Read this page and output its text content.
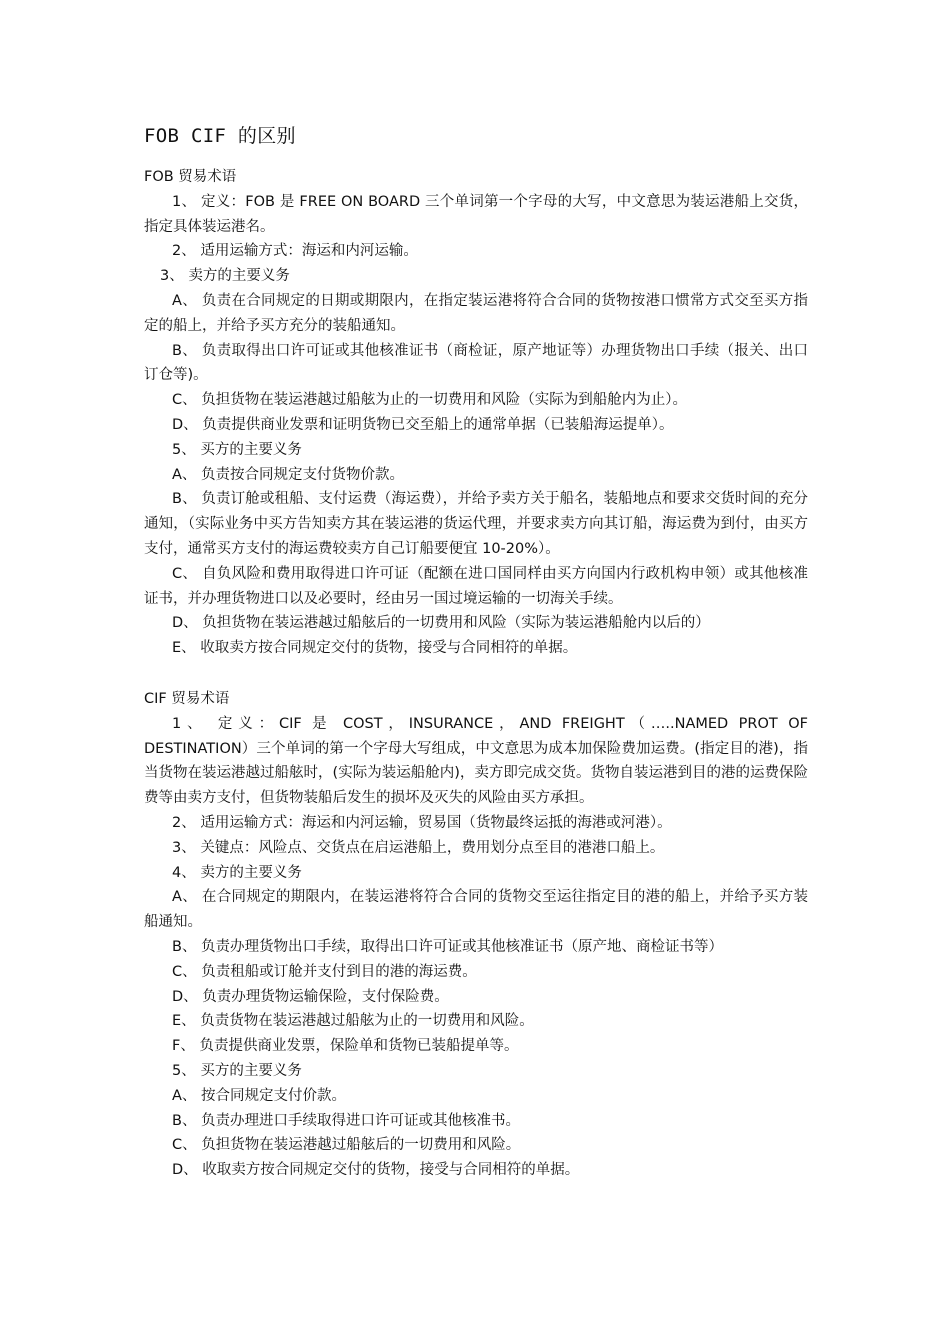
FOB CIF 的区别

FOB 贸易术语

1、 定义：FOB 是 FREE ON BOARD 三个单词第一个字母的大写，中文意思为装运港船上交货，指定具体装运港名。

2、 适用运输方式：海运和内河运输。

3、 卖方的主要义务

A、 负责在合同规定的日期或期限内，在指定装运港将符合合同的货物按港口惯常方式交至买方指定的船上，并给予买方充分的装船通知。

B、 负责取得出口许可证或其他核准证书（商检证，原产地证等）办理货物出口手续（报关、出口订仓等)。

C、 负担货物在装运港越过船舷为止的一切费用和风险（实际为到船舱内为止）。

D、 负责提供商业发票和证明货物已交至船上的通常单据（已装船海运提单）。

5、 买方的主要义务

A、 负责按合同规定支付货物价款。

B、 负责订舱或租船、支付运费（海运费），并给予卖方关于船名，装船地点和要求交货时间的充分通知，（实际业务中买方告知卖方其在装运港的货运代理，并要求卖方向其订船，海运费为到付，由买方支付，通常买方支付的海运费较卖方自己订船要便宜 10-20%）。

C、 自负风险和费用取得进口许可证（配额在进口国同样由买方向国内行政机构申领）或其他核准证书，并办理货物进口以及必要时，经由另一国过境运输的一切海关手续。

D、 负担货物在装运港越过船舷后的一切费用和风险（实际为装运港船舱内以后的）

E、 收取卖方按合同规定交付的货物，接受与合同相符的单据。

CIF 贸易术语

1、 定义：CIF 是 COST，INSURANCE，AND FREIGHT（…..NAMED PROT OF DESTINATION）三个单词的第一个字母大写组成，中文意思为成本加保险费加运费。(指定目的港)，指当货物在装运港越过船舷时，(实际为装运船舱内)，卖方即完成交货。货物自装运港到目的港的运费保险费等由卖方支付，但货物装船后发生的损坏及灭失的风险由买方承担。

2、 适用运输方式：海运和内河运输，贸易国（货物最终运抵的海港或河港）。

3、 关键点：风险点、交货点在启运港船上，费用划分点至目的港港口船上。

4、 卖方的主要义务

A、 在合同规定的期限内，在装运港将符合合同的货物交至运往指定目的港的船上，并给予买方装船通知。

B、 负责办理货物出口手续，取得出口许可证或其他核准证书（原产地、商检证书等）

C、 负责租船或订舱并支付到目的港的海运费。

D、 负责办理货物运输保险，支付保险费。

E、 负责货物在装运港越过船舷为止的一切费用和风险。

F、 负责提供商业发票，保险单和货物已装船提单等。

5、 买方的主要义务

A、 按合同规定支付价款。

B、 负责办理进口手续取得进口许可证或其他核准书。

C、 负担货物在装运港越过船舷后的一切费用和风险。

D、 收取卖方按合同规定交付的货物，接受与合同相符的单据。
